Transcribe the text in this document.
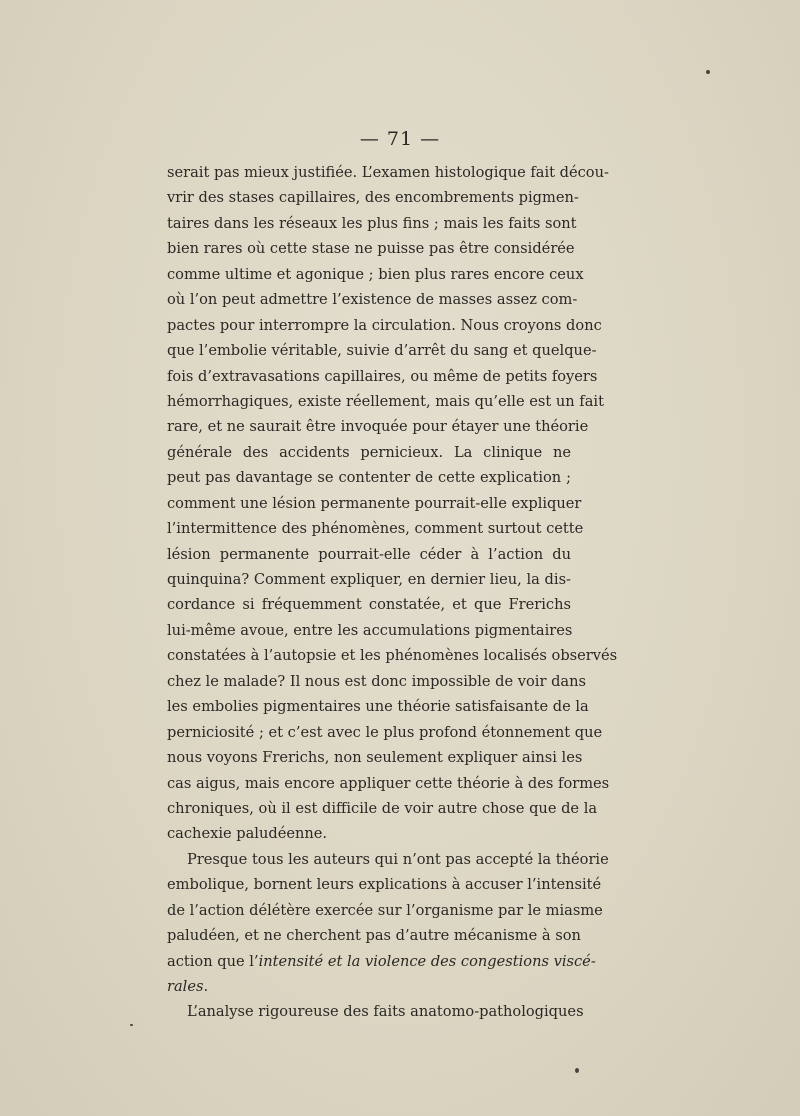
— 71 —
serait pas mieux justifiée. L’examen histologique fait décou-
vrir des stases capillaires, des encombrements pigmen-
taires dans les réseaux les plus fins ; mais les faits sont
bien rares où cette stase ne puisse pas être considérée
comme ultime et agonique ; bien plus rares encore ceux
où l’on peut admettre l’existence de masses assez com-
pactes pour interrompre la circulation. Nous croyons donc
que l’embolie véritable, suivie d’arrêt du sang et quelque-
fois d’extravasations capillaires, ou même de petits foyers
hémorrhagiques, existe réellement, mais qu’elle est un fait
rare, et ne saurait être invoquée pour étayer une théorie
générale des accidents pernicieux. La clinique ne
peut pas davantage se contenter de cette explication ;
comment une lésion permanente pourrait-elle expliquer
l’intermittence des phénomènes, comment surtout cette
lésion permanente pourrait-elle céder à l’action du
quinquina? Comment expliquer, en dernier lieu, la dis-
cordance si fréquemment constatée, et que Frerichs
lui-même avoue, entre les accumulations pigmentaires
constatées à l’autopsie et les phénomènes localisés observés
chez le malade? Il nous est donc impossible de voir dans
les embolies pigmentaires une théorie satisfaisante de la
perniciosité ; et c’est avec le plus profond étonnement que
nous voyons Frerichs, non seulement expliquer ainsi les
cas aigus, mais encore appliquer cette théorie à des formes
chroniques, où il est difficile de voir autre chose que de la
cachexie paludéenne.
Presque tous les auteurs qui n’ont pas accepté la théorie
embolique, bornent leurs explications à accuser l’intensité
de l’action délétère exercée sur l’organisme par le miasme
paludéen, et ne cherchent pas d’autre mécanisme à son
action que l’intensité et la violence des congestions viscé-
rales.
L’analyse rigoureuse des faits anatomo-pathologiques
